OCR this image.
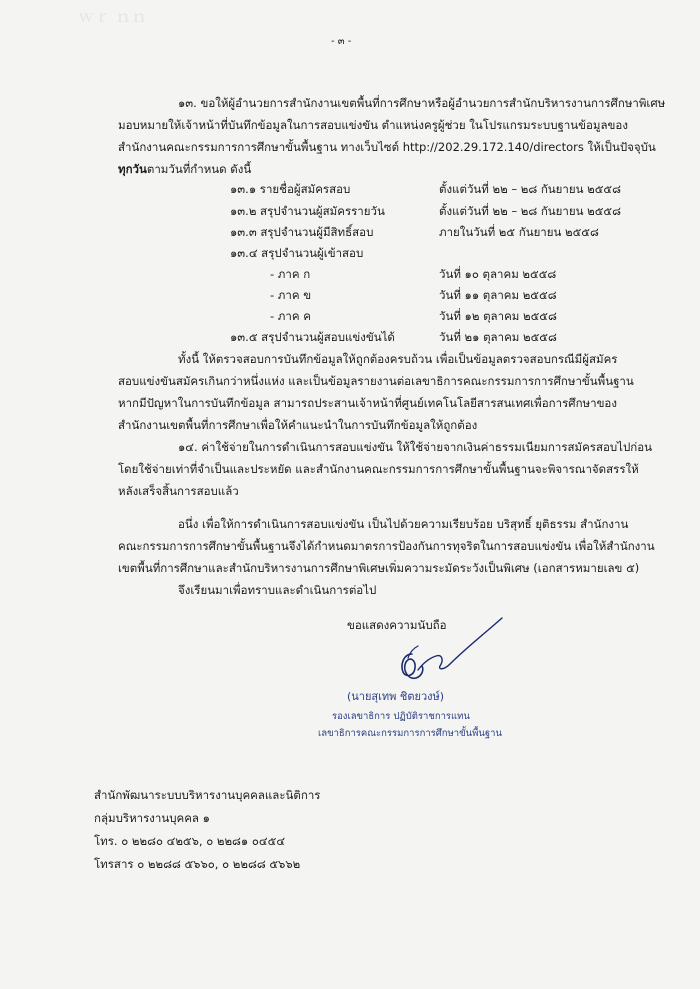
ｗｒ ｎｎ
- ๓ -
๑๓. ขอให้ผู้อำนวยการสำนักงานเขตพื้นที่การศึกษาหรือผู้อำนวยการสำนักบริหารงานการศึกษาพิเศษ
มอบหมายให้เจ้าหน้าที่บันทึกข้อมูลในการสอบแข่งขัน ตำแหน่งครูผู้ช่วย ในโปรแกรมระบบฐานข้อมูลของ
สำนักงานคณะกรรมการการศึกษาขั้นพื้นฐาน ทางเว็บไซต์ http://202.29.172.140/directors ให้เป็นปัจจุบัน
ทุกวันตามวันที่กำหนด ดังนี้
๑๓.๑ รายชื่อผู้สมัครสอบ	ตั้งแต่วันที่ ๒๒ – ๒๘ กันยายน ๒๕๕๘
๑๓.๒ สรุปจำนวนผู้สมัครรายวัน	ตั้งแต่วันที่ ๒๒ – ๒๘ กันยายน ๒๕๕๘
๑๓.๓ สรุปจำนวนผู้มีสิทธิ์สอบ	ภายในวันที่ ๒๕ กันยายน ๒๕๕๘
๑๓.๔ สรุปจำนวนผู้เข้าสอบ
- ภาค ก	วันที่ ๑๐ ตุลาคม ๒๕๕๘
- ภาค ข	วันที่ ๑๑ ตุลาคม ๒๕๕๘
- ภาค ค	วันที่ ๑๒ ตุลาคม ๒๕๕๘
๑๓.๕ สรุปจำนวนผู้สอบแข่งขันได้	วันที่ ๒๑ ตุลาคม ๒๕๕๘
ทั้งนี้ ให้ตรวจสอบการบันทึกข้อมูลให้ถูกต้องครบถ้วน เพื่อเป็นข้อมูลตรวจสอบกรณีมีผู้สมัคร
สอบแข่งขันสมัครเกินกว่าหนึ่งแห่ง และเป็นข้อมูลรายงานต่อเลขาธิการคณะกรรมการการศึกษาขั้นพื้นฐาน
หากมีปัญหาในการบันทึกข้อมูล สามารถประสานเจ้าหน้าที่ศูนย์เทคโนโลยีสารสนเทศเพื่อการศึกษาของ
สำนักงานเขตพื้นที่การศึกษาเพื่อให้คำแนะนำในการบันทึกข้อมูลให้ถูกต้อง
๑๔. ค่าใช้จ่ายในการดำเนินการสอบแข่งขัน ให้ใช้จ่ายจากเงินค่าธรรมเนียมการสมัครสอบไปก่อน
โดยใช้จ่ายเท่าที่จำเป็นและประหยัด และสำนักงานคณะกรรมการการศึกษาขั้นพื้นฐานจะพิจารณาจัดสรรให้
หลังเสร็จสิ้นการสอบแล้ว
อนึ่ง เพื่อให้การดำเนินการสอบแข่งขัน เป็นไปด้วยความเรียบร้อย บริสุทธิ์ ยุติธรรม สำนักงาน
คณะกรรมการการศึกษาขั้นพื้นฐานจึงได้กำหนดมาตรการป้องกันการทุจริตในการสอบแข่งขัน เพื่อให้สำนักงาน
เขตพื้นที่การศึกษาและสำนักบริหารงานการศึกษาพิเศษเพิ่มความระมัดระวังเป็นพิเศษ (เอกสารหมายเลข ๕)
จึงเรียนมาเพื่อทราบและดำเนินการต่อไป
ขอแสดงความนับถือ
(นายสุเทพ ชิตยวงษ์)
รองเลขาธิการ ปฏิบัติราชการแทน
เลขาธิการคณะกรรมการการศึกษาขั้นพื้นฐาน
สำนักพัฒนาระบบบริหารงานบุคคลและนิติการ
กลุ่มบริหารงานบุคคล ๑
โทร. ๐ ๒๒๘๐ ๔๒๕๖, ๐ ๒๒๘๑ ๐๔๕๔
โทรสาร ๐ ๒๒๘๘ ๕๖๖๐, ๐ ๒๒๘๘ ๕๖๖๒
